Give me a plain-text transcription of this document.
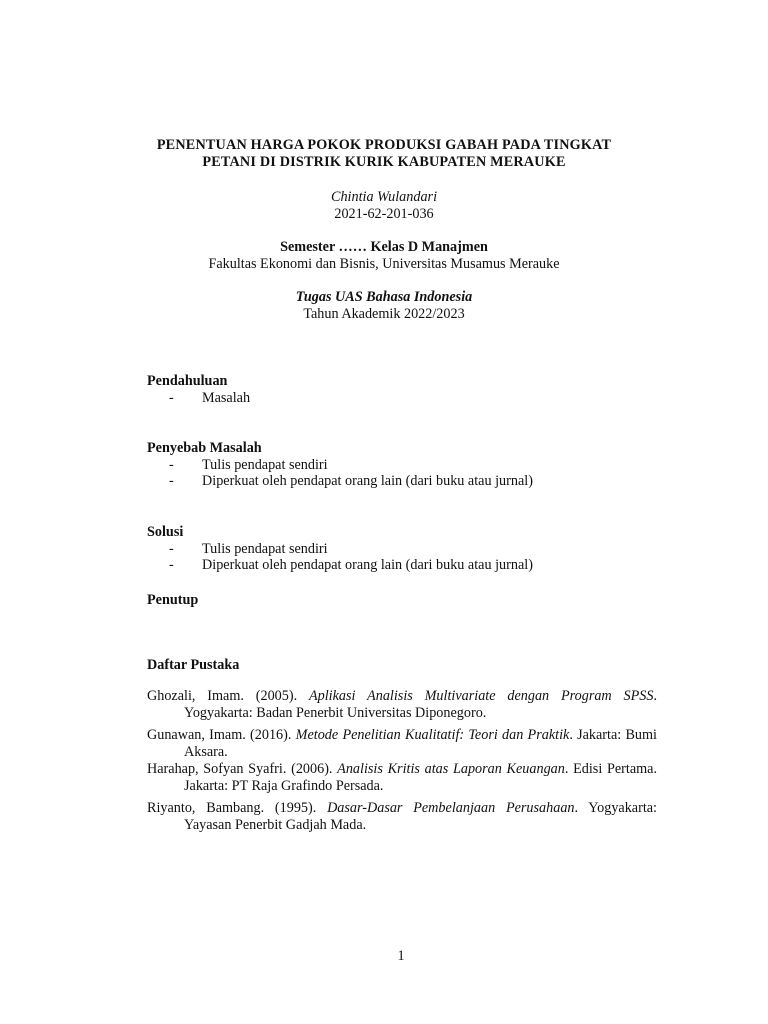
PENENTUAN HARGA POKOK PRODUKSI GABAH PADA TINGKAT
PETANI DI DISTRIK KURIK KABUPATEN MERAUKE
Chintia Wulandari
2021-62-201-036
Semester …… Kelas D Manajmen
Fakultas Ekonomi dan Bisnis, Universitas Musamus Merauke
Tugas UAS Bahasa Indonesia
Tahun Akademik 2022/2023
Pendahuluan
-	Masalah
Penyebab Masalah
-	Tulis pendapat sendiri
-	Diperkuat oleh pendapat orang lain (dari buku atau jurnal)
Solusi
-	Tulis pendapat sendiri
-	Diperkuat oleh pendapat orang lain (dari buku atau jurnal)
Penutup
Daftar Pustaka
Ghozali, Imam. (2005). Aplikasi Analisis Multivariate dengan Program SPSS. Yogyakarta: Badan Penerbit Universitas Diponegoro.
Gunawan, Imam. (2016). Metode Penelitian Kualitatif: Teori dan Praktik. Jakarta: Bumi Aksara.
Harahap, Sofyan Syafri. (2006). Analisis Kritis atas Laporan Keuangan. Edisi Pertama. Jakarta: PT Raja Grafindo Persada.
Riyanto, Bambang. (1995). Dasar-Dasar Pembelanjaan Perusahaan. Yogyakarta: Yayasan Penerbit Gadjah Mada.
1
